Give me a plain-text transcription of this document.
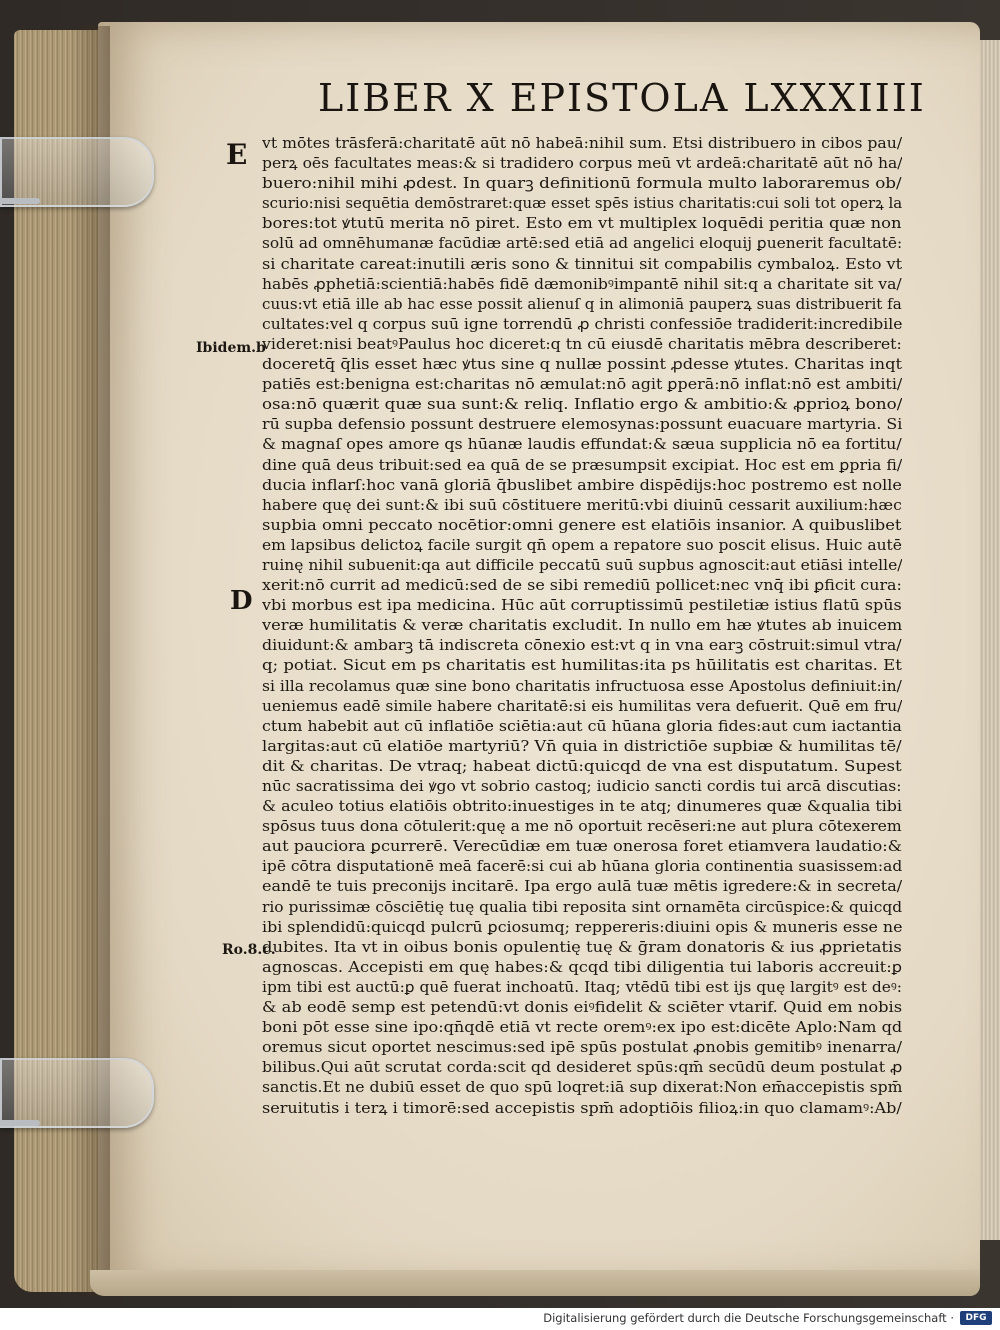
LIBER X EPISTOLA LXXXIIII
E
D
Ibidem.b
Ro.8.c.
vt mōtes trāsferā:charitatē aūt nō habeā:nihil sum. Etsi distribuero in cibos pau/
perꝝ oēs facultates meas:& si tradidero corpus meū vt ardeā:charitatē aūt nō ha/
buero:nihil mihi ꝓdest. In quarꝫ definitionū formula multo laboraremus ob/
scurio:nisi sequētia demōstraret:quæ esset spēs istius charitatis:cui soli tot operꝝ la
bores:tot ꝟtutū merita nō piret. Esto em vt multiplex loquēdi peritia quæ non
solū ad omnēhumanæ facūdiæ artē:sed etiā ad angelici eloquij ꝑuenerit facultatē:
si charitate careat:inutili æris sono & tinnitui sit compabilis cymbaloꝝ. Esto vt
habēs ꝓphetiā:scientiā:habēs fidē dæmonibꝰimpantē nihil sit:q a charitate sit va/
cuus:vt etiā ille ab hac esse possit alienuſ q in alimoniā pauperꝝ suas distribuerit fa
cultates:vel q corpus suū igne torrendū ꝓ christi confessiōe tradiderit:incredibile
videret:nisi beatꝰPaulus hoc diceret:q tn cū eiusdē charitatis mēbra describeret:
doceretq̄ q̄lis esset hæc ꝟtus sine q nullæ possint ꝓdesse ꝟtutes. Charitas inqt
patiēs est:benigna est:charitas nō æmulat:nō agit ꝑperā:nō inflat:nō est ambiti/
osa:nō quærit quæ sua sunt:& reliq. Inflatio ergo & ambitio:& ꝓprioꝝ bono/
rū supba defensio possunt destruere elemosynas:possunt euacuare martyria. Si
& magnaſ opes amore qs hūanæ laudis effundat:& sæua supplicia nō ea fortitu/
dine quā deus tribuit:sed ea quā de se præsumpsit excipiat. Hoc est em ꝑpria fi/
ducia inflarſ:hoc vanā gloriā q̄buslibet ambire dispēdijs:hoc postremo est nolle
habere quę dei sunt:& ibi suū cōstituere meritū:vbi diuinū cessarit auxilium:hæc
supbia omni peccato nocētior:omni genere est elatiōis insanior. A quibuslibet
em lapsibus delictoꝝ facile surgit qn̄ opem a repatore suo poscit elisus. Huic autē
ruinę nihil subuenit:qa aut difficile peccatū suū supbus agnoscit:aut etiāsi intelle/
xerit:nō currit ad medicū:sed de se sibi remediū pollicet:nec vnq̄ ibi ꝑficit cura:
vbi morbus est ipa medicina. Hūc aūt corruptissimū pestiletiæ istius flatū spūs
veræ humilitatis & veræ charitatis excludit. In nullo em hæ ꝟtutes ab inuicem
diuidunt:& ambarꝫ tā indiscreta cōnexio est:vt q in vna earꝫ cōstruit:simul vtra/
q; potiat. Sicut em ps charitatis est humilitas:ita ps hūilitatis est charitas. Et
si illa recolamus quæ sine bono charitatis infructuosa esse Apostolus definiuit:in/
ueniemus eadē simile habere charitatē:si eis humilitas vera defuerit. Quē em fru/
ctum habebit aut cū inflatiōe sciētia:aut cū hūana gloria fides:aut cum iactantia
largitas:aut cū elatiōe martyriū? Vn̄ quia in districtiōe supbiæ & humilitas tē/
dit & charitas. De vtraq; habeat dictū:quicqd de vna est disputatum. Supest
nūc sacratissima dei ꝟgo vt sobrio castoq; iudicio sancti cordis tui arcā discutias:
& aculeo totius elatiōis obtrito:inuestiges in te atq; dinumeres quæ &qualia tibi
spōsus tuus dona cōtulerit:quę a me nō oportuit recēseri:ne aut plura cōtexerem
aut pauciora ꝑcurrerē. Verecūdiæ em tuæ onerosa foret etiamvera laudatio:&
ipē cōtra disputationē meā facerē:si cui ab hūana gloria continentia suasissem:ad
eandē te tuis preconijs incitarē. Ipa ergo aulā tuæ mētis igredere:& in secreta/
rio purissimæ cōsciētię tuę qualia tibi reposita sint ornamēta circūspice:& quicqd
ibi splendidū:quicqd pulcrū ꝑciosumq; reppereris:diuini opis & muneris esse ne
dubites. Ita vt in oibus bonis opulentię tuę & ḡram donatoris & ius ꝓprietatis
agnoscas. Accepisti em quę habes:& qcqd tibi diligentia tui laboris accreuit:ꝑ
ipm tibi est auctū:ꝑ quē fuerat inchoatū. Itaq; vtēdū tibi est ijs quę largitꝰ est deꝰ:
& ab eodē semp est petendū:vt donis eiꝰfidelit & sciēter vtarif. Quid em nobis
boni pōt esse sine ipo:qn̄qdē etiā vt recte oremꝰ:ex ipo est:dicēte Aplo:Nam qd
oremus sicut oportet nescimus:sed ipē spūs postulat ꝓnobis gemitibꝰ inenarra/
bilibus.Qui aūt scrutat corda:scit qd desideret spūs:qm̄ secūdū deum postulat ꝓ
sanctis.Et ne dubiū esset de quo spū loqret:iā sup dixerat:Non em̄accepistis spm̄
seruitutis i terꝝ i timorē:sed accepistis spm̄ adoptiōis filioꝝ:in quo clamamꝰ:Ab/
Digitalisierung gefördert durch die Deutsche Forschungsgemeinschaft ·	DFG
